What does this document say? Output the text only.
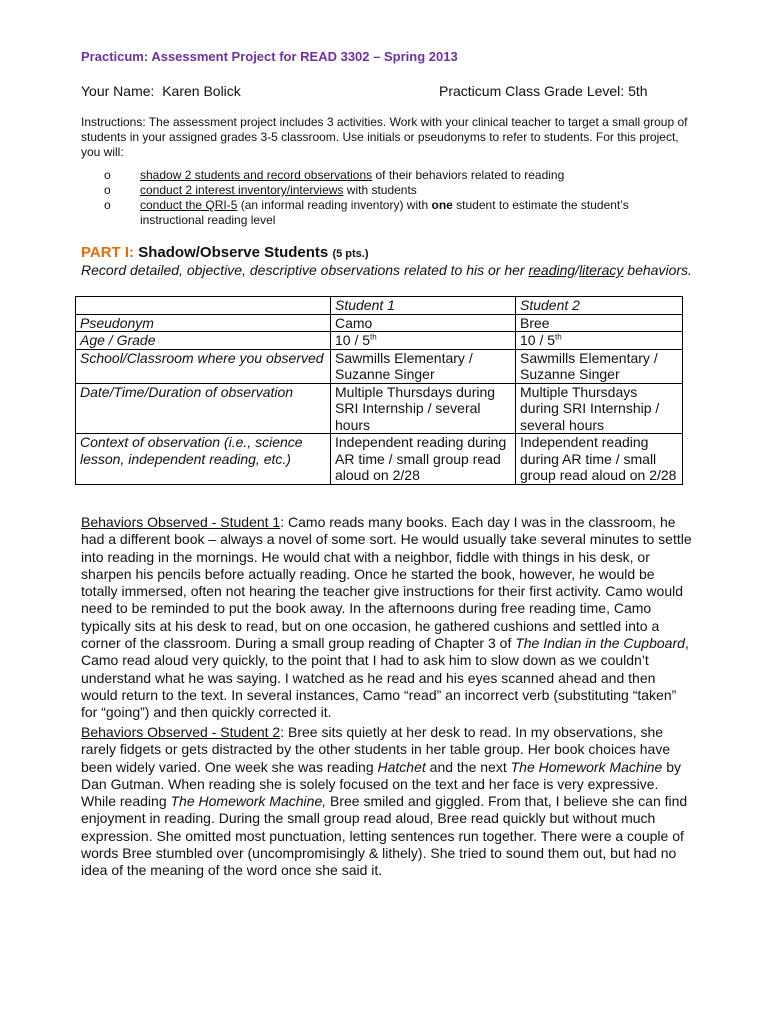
Practicum: Assessment Project for READ 3302 – Spring 2013
Your Name: Karen Bolick	Practicum Class Grade Level: 5th
Instructions: The assessment project includes 3 activities. Work with your clinical teacher to target a small group of students in your assigned grades 3-5 classroom. Use initials or pseudonyms to refer to students. For this project, you will:
o shadow 2 students and record observations of their behaviors related to reading
o conduct 2 interest inventory/interviews with students
o conduct the QRI-5 (an informal reading inventory) with one student to estimate the student’s instructional reading level
PART I: Shadow/Observe Students (5 pts.)
Record detailed, objective, descriptive observations related to his or her reading/literacy behaviors.
	Student 1	Student 2
Pseudonym	Camo	Bree
Age / Grade	10 / 5th	10 / 5th
School/Classroom where you observed	Sawmills Elementary / Suzanne Singer	Sawmills Elementary / Suzanne Singer
Date/Time/Duration of observation	Multiple Thursdays during SRI Internship / several hours	Multiple Thursdays during SRI Internship / several hours
Context of observation (i.e., science lesson, independent reading, etc.)	Independent reading during AR time / small group read aloud on 2/28	Independent reading during AR time / small group read aloud on 2/28

Behaviors Observed - Student 1: Camo reads many books. Each day I was in the classroom, he had a different book – always a novel of some sort. He would usually take several minutes to settle into reading in the mornings. He would chat with a neighbor, fiddle with things in his desk, or sharpen his pencils before actually reading. Once he started the book, however, he would be totally immersed, often not hearing the teacher give instructions for their first activity. Camo would need to be reminded to put the book away. In the afternoons during free reading time, Camo typically sits at his desk to read, but on one occasion, he gathered cushions and settled into a corner of the classroom. During a small group reading of Chapter 3 of The Indian in the Cupboard, Camo read aloud very quickly, to the point that I had to ask him to slow down as we couldn’t understand what he was saying. I watched as he read and his eyes scanned ahead and then would return to the text. In several instances, Camo “read” an incorrect verb (substituting “taken” for “going”) and then quickly corrected it.

Behaviors Observed - Student 2: Bree sits quietly at her desk to read. In my observations, she rarely fidgets or gets distracted by the other students in her table group. Her book choices have been widely varied. One week she was reading Hatchet and the next The Homework Machine by Dan Gutman. When reading she is solely focused on the text and her face is very expressive. While reading The Homework Machine, Bree smiled and giggled. From that, I believe she can find enjoyment in reading. During the small group read aloud, Bree read quickly but without much expression. She omitted most punctuation, letting sentences run together. There were a couple of words Bree stumbled over (uncompromisingly & lithely). She tried to sound them out, but had no idea of the meaning of the word once she said it.
